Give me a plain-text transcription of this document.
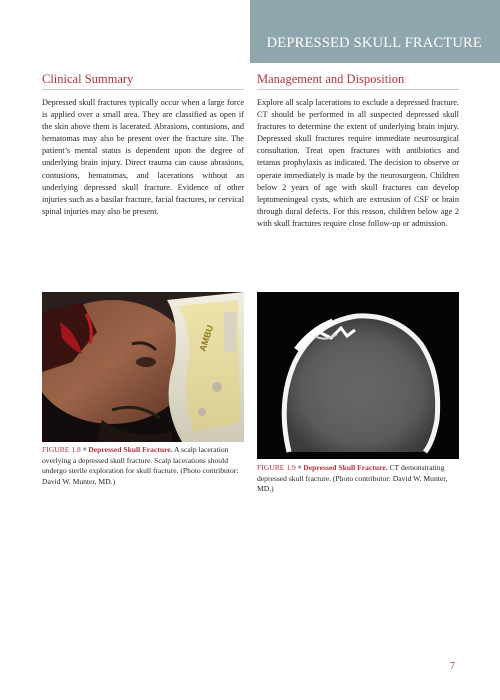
DEPRESSED SKULL FRACTURE
Clinical Summary

Depressed skull fractures typically occur when a large force is applied over a small area. They are classified as open if the skin above them is lacerated. Abrasions, contusions, and hematomas may also be present over the fracture site. The patient’s mental status is dependent upon the degree of underlying brain injury. Direct trauma can cause abrasions, contusions, hematomas, and lacerations without an underlying depressed skull fracture. Evidence of other injuries such as a basilar fracture, facial fractures, or cervical spinal injuries may also be present.

Management and Disposition

Explore all scalp lacerations to exclude a depressed fracture. CT should be performed in all suspected depressed skull fractures to determine the extent of underlying brain injury. Depressed skull fractures require immediate neurosurgical consultation. Treat open fractures with antibiotics and tetanus prophylaxis as indicated. The decision to observe or operate immediately is made by the neurosurgeon. Children below 2 years of age with skull fractures can develop leptomeningeal cysts, which are extrusion of CSF or brain through dural defects. For this reason, children below age 2 with skull fractures require close follow-up or admission.

AMBU
FIGURE 1.8 ■ Depressed Skull Fracture. A scalp laceration overlying a depressed skull fracture. Scalp lacerations should undergo sterile exploration for skull fracture. (Photo contributor: David W. Munter, MD.)
FIGURE 1.9 ■ Depressed Skull Fracture. CT demonstrating depressed skull fracture. (Photo contributor: David W. Munter, MD.)
7
